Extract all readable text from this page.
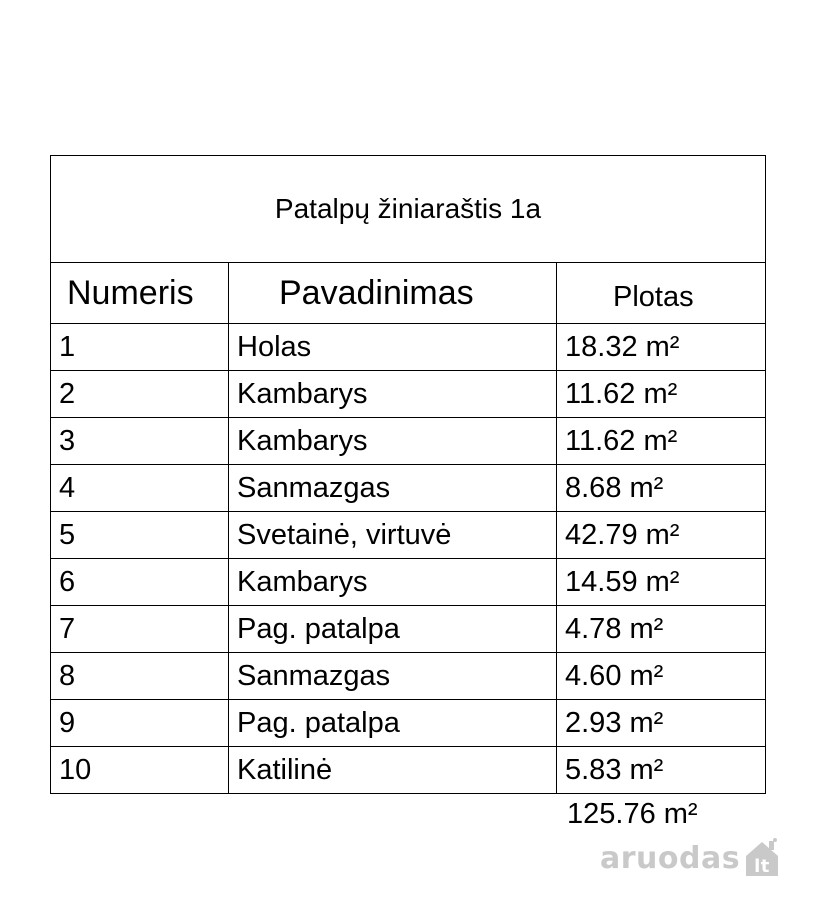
Patalpų žiniaraštis 1a		
Numeris	Pavadinimas	Plotas
1	Holas	18.32 m²
2	Kambarys	11.62 m²
3	Kambarys	11.62 m²
4	Sanmazgas	8.68 m²
5	Svetainė, virtuvė	42.79 m²
6	Kambarys	14.59 m²
7	Pag. patalpa	4.78 m²
8	Sanmazgas	4.60 m²
9	Pag. patalpa	2.93 m²
10	Katilinė	5.83 m²
125.76 m²
aruodas lt
